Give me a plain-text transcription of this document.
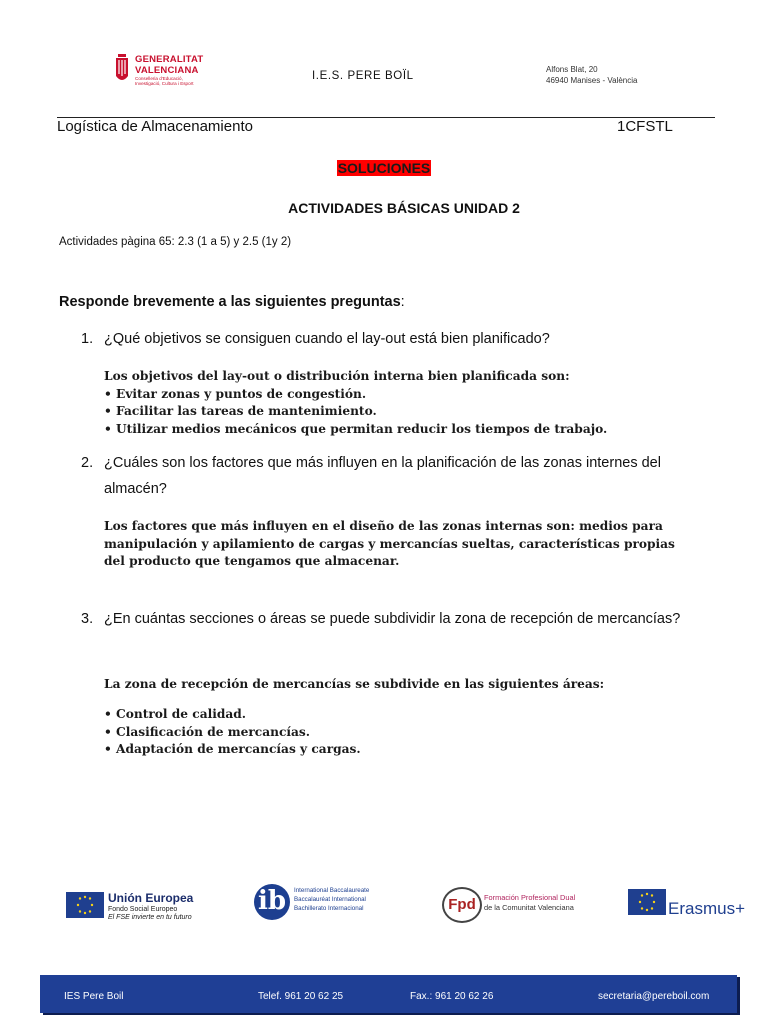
GENERALITAT
VALENCIANA
Conselleria d'Educació,
Investigació, Cultura i Esport
I.E.S. PERE BOÏL
Alfons Blat, 20
46940 Manises - València
Logística de Almacenamiento	1CFSTL
SOLUCIONES
ACTIVIDADES BÁSICAS UNIDAD 2
Actividades pàgina 65: 2.3 (1 a 5) y 2.5 (1y 2)
Responde brevemente a las siguientes preguntas:
1. ¿Qué objetivos se consiguen cuando el lay-out está bien planificado?
Los objetivos del lay-out o distribución interna bien planificada son:
• Evitar zonas y puntos de congestión.
• Facilitar las tareas de mantenimiento.
• Utilizar medios mecánicos que permitan reducir los tiempos de trabajo.
2. ¿Cuáles son los factores que más influyen en la planificación de las zonas internes del almacén?
Los factores que más influyen en el diseño de las zonas internas son: medios para
manipulación y apilamiento de cargas y mercancías sueltas, características propias
del producto que tengamos que almacenar.
3. ¿En cuántas secciones o áreas se puede subdividir la zona de recepción de mercancías?
La zona de recepción de mercancías se subdivide en las siguientes áreas:
• Control de calidad.
• Clasificación de mercancías.
• Adaptación de mercancías y cargas.
Unión Europea
Fondo Social Europeo
El FSE invierte en tu futuro
ib	International Baccalaureate
Baccalauréat International
Bachillerato Internacional	Fpd	Formación Profesional Dual
de la Comunitat Valenciana	Erasmus+
IES Pere Boil	Telef. 961 20 62 25	Fax.: 961 20 62 26	secretaria@pereboil.com
